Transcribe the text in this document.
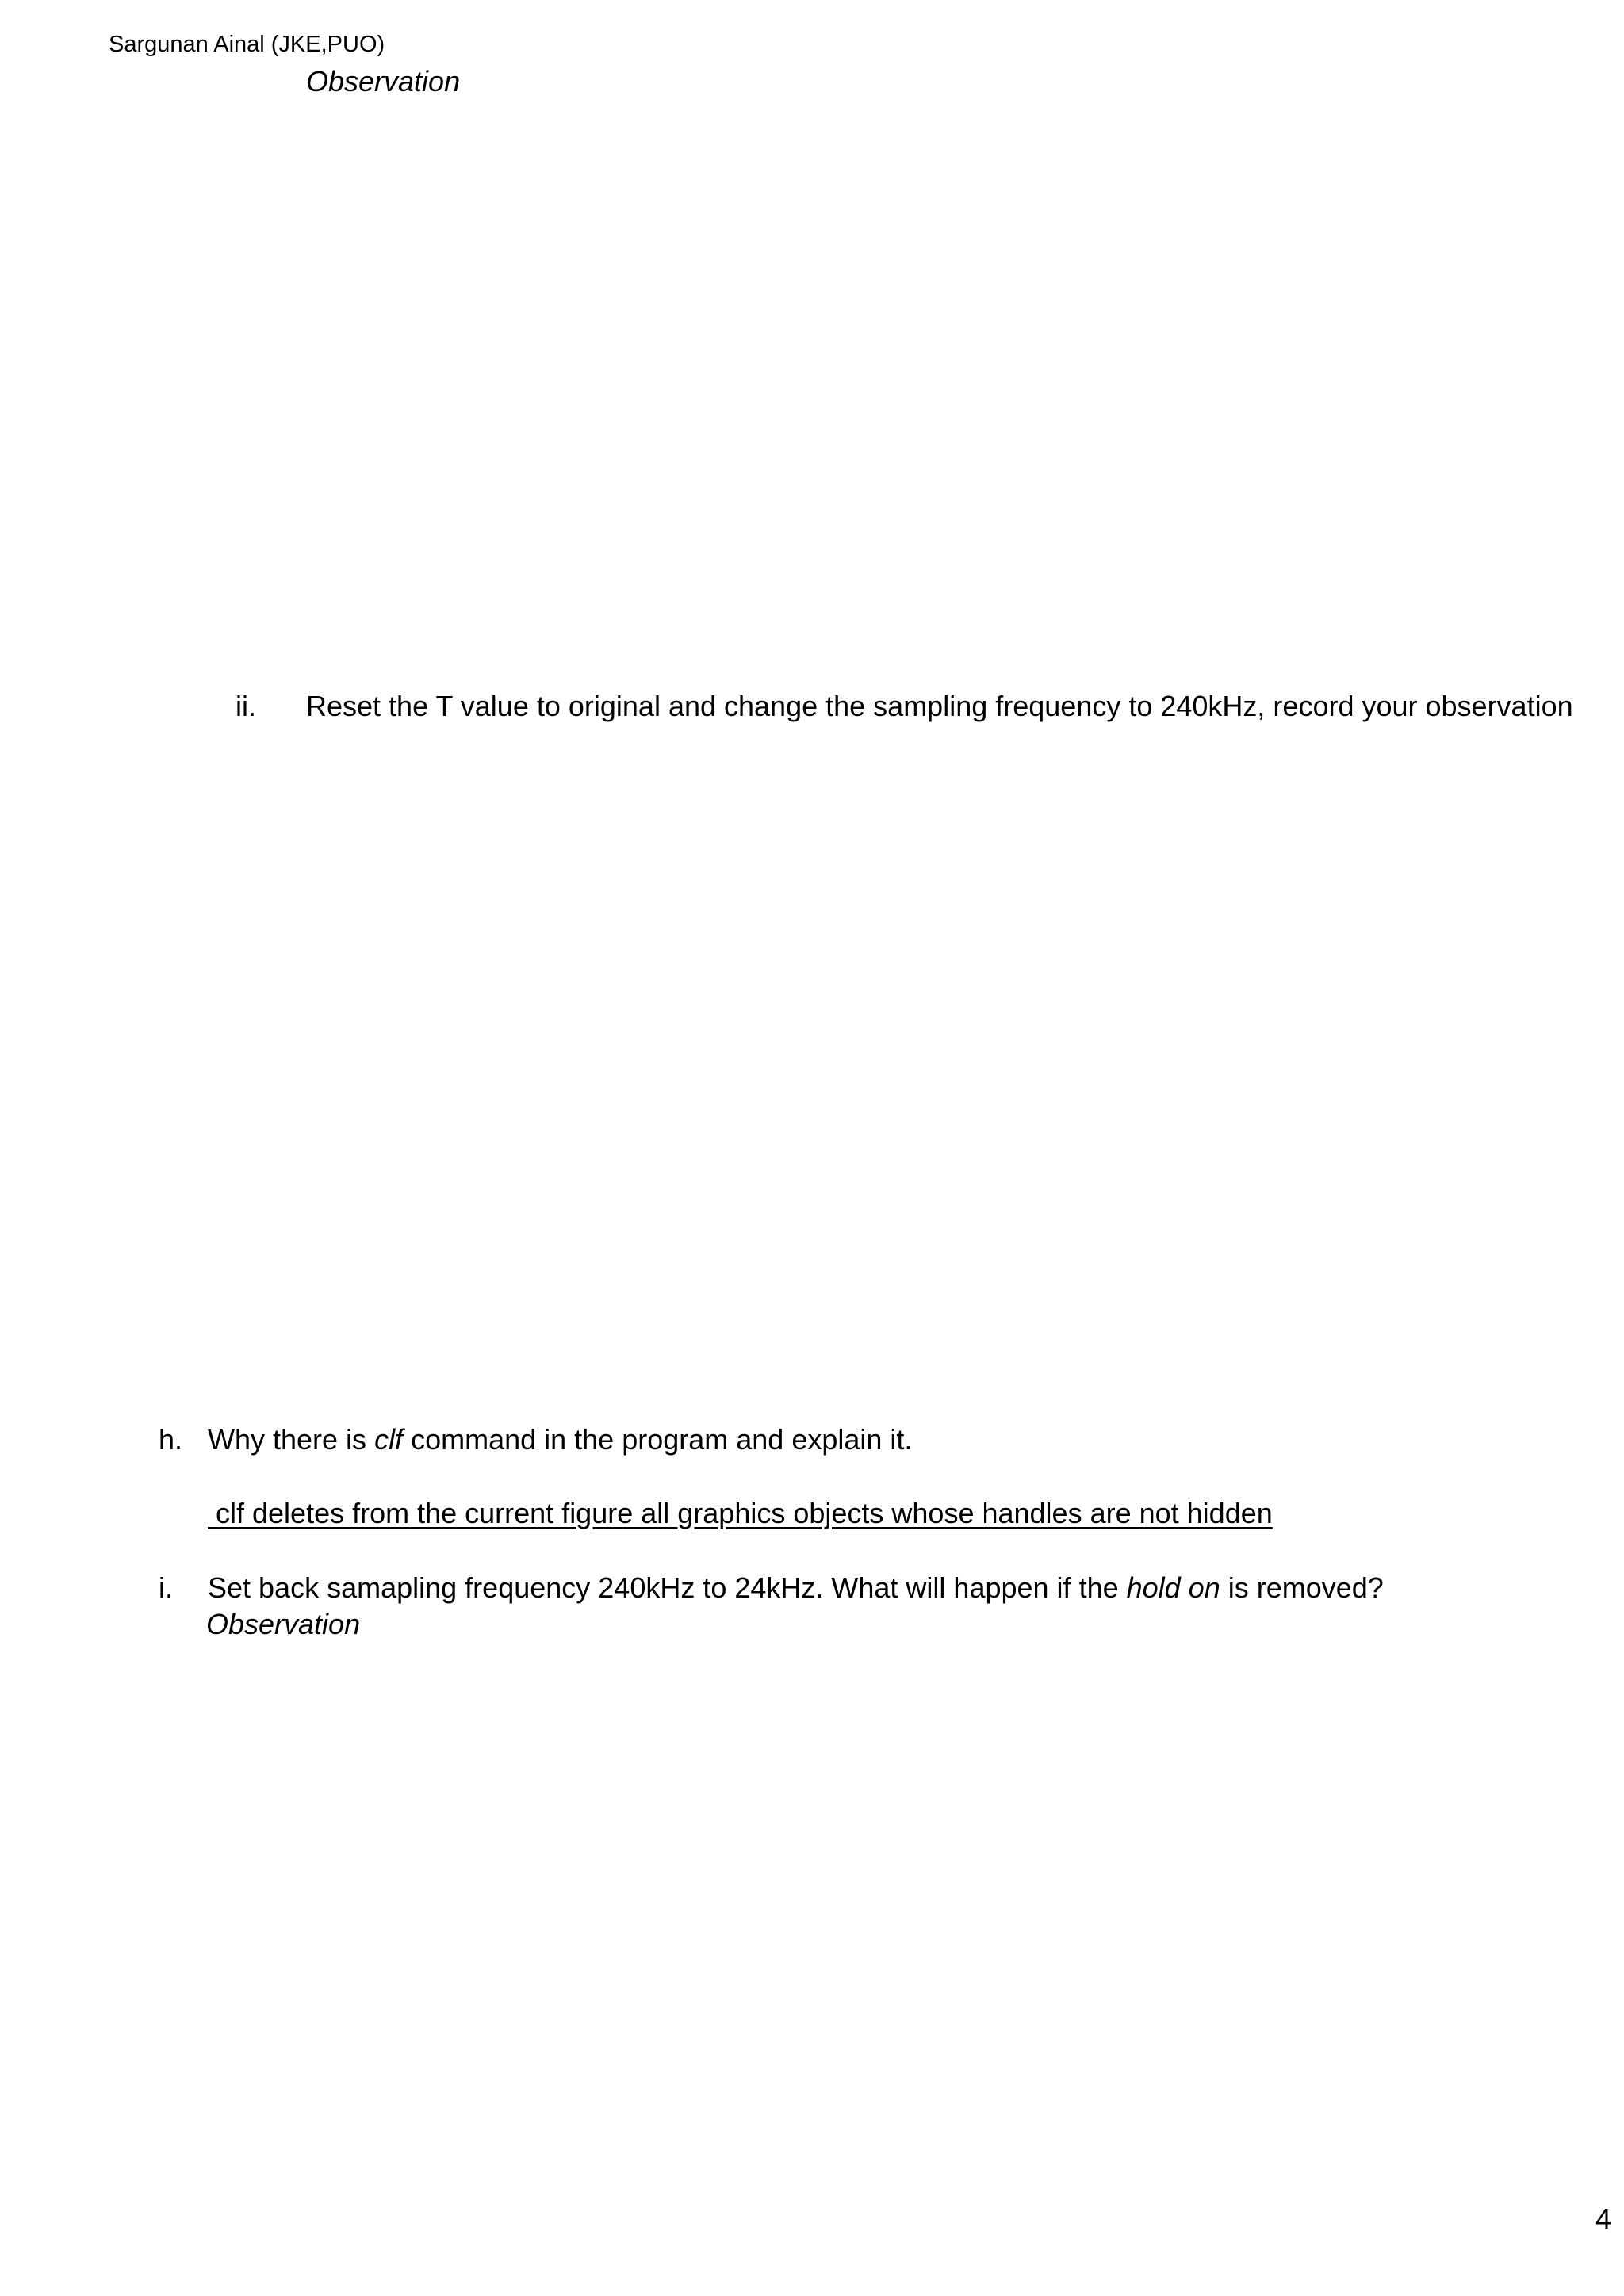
Sargunan Ainal (JKE,PUO)
Observation
ii. Reset the T value to original and change the sampling frequency to 240kHz, record your observation
h. Why there is clf command in the program and explain it.
clf deletes from the current figure all graphics objects whose handles are not hidden
i. Set back samapling frequency 240kHz to 24kHz. What will happen if the hold on is removed?
Observation
4
